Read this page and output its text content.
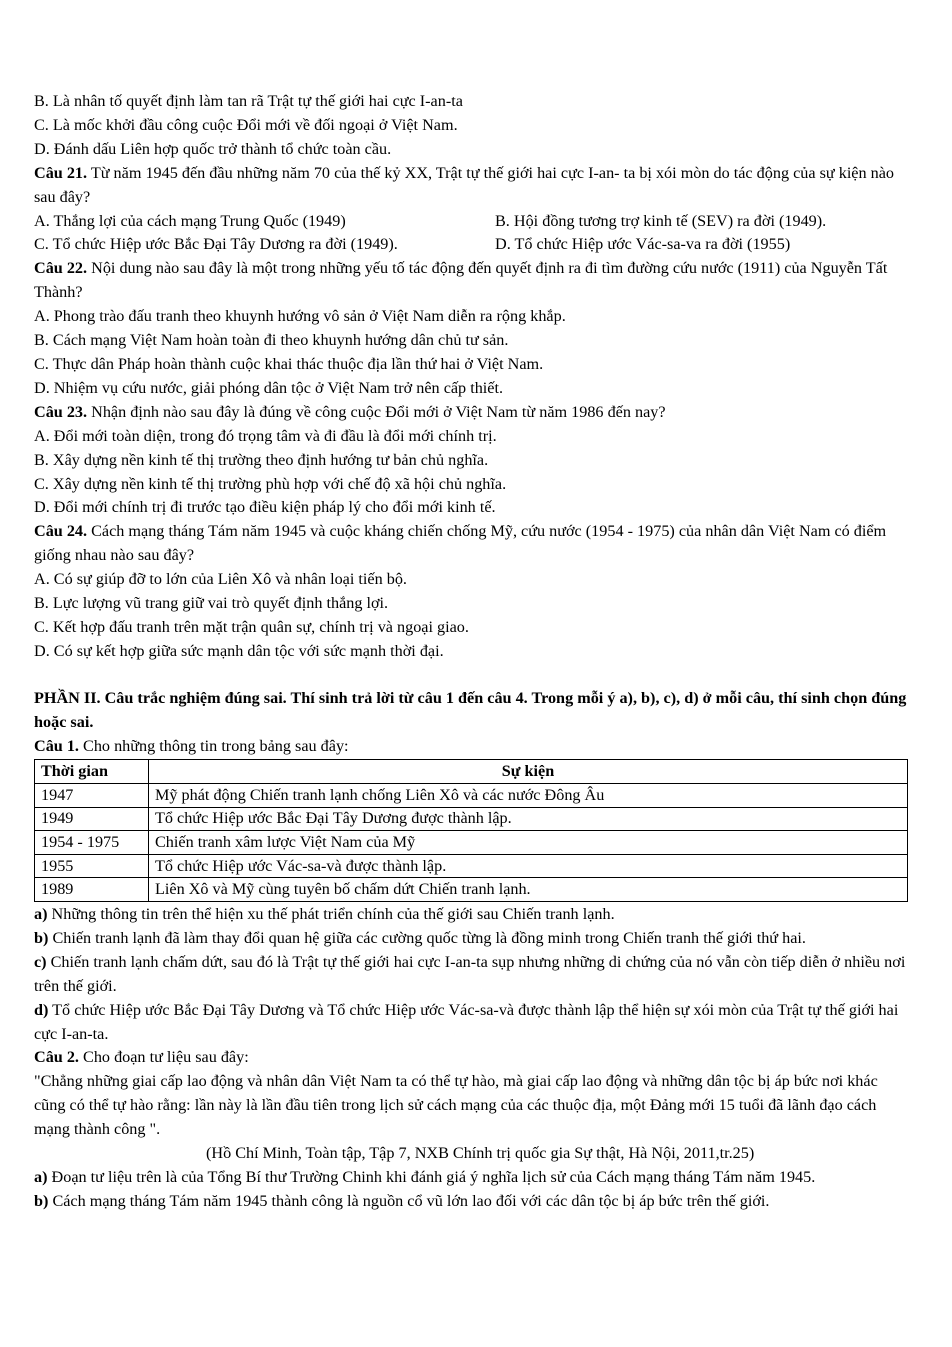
B. Là nhân tố quyết định làm tan rã Trật tự thế giới hai cực I-an-ta

C. Là mốc khởi đầu công cuộc Đổi mới về đối ngoại ở Việt Nam.

D. Đánh dấu Liên hợp quốc trở thành tổ chức toàn cầu.

Câu 21. Từ năm 1945 đến đầu những năm 70 của thế kỷ XX, Trật tự thế giới hai cực I-an- ta bị xói mòn do tác động của sự kiện nào sau đây?

A. Thắng lợi của cách mạng Trung Quốc (1949)	B. Hội đồng tương trợ kinh tế (SEV) ra đời (1949).

C. Tổ chức Hiệp ước Bắc Đại Tây Dương ra đời (1949).	D. Tổ chức Hiệp ước Vác-sa-va ra đời (1955)

Câu 22. Nội dung nào sau đây là một trong những yếu tố tác động đến quyết định ra đi tìm đường cứu nước (1911) của Nguyễn Tất Thành?

A. Phong trào đấu tranh theo khuynh hướng vô sản ở Việt Nam diễn ra rộng khắp.

B. Cách mạng Việt Nam hoàn toàn đi theo khuynh hướng dân chủ tư sản.

C. Thực dân Pháp hoàn thành cuộc khai thác thuộc địa lần thứ hai ở Việt Nam.

D. Nhiệm vụ cứu nước, giải phóng dân tộc ở Việt Nam trở nên cấp thiết.

Câu 23. Nhận định nào sau đây là đúng về công cuộc Đổi mới ở Việt Nam từ năm 1986 đến nay?

A. Đổi mới toàn diện, trong đó trọng tâm và đi đầu là đổi mới chính trị.

B. Xây dựng nền kinh tế thị trường theo định hướng tư bản chủ nghĩa.

C. Xây dựng nền kinh tế thị trường phù hợp với chế độ xã hội chủ nghĩa.

D. Đổi mới chính trị đi trước tạo điều kiện pháp lý cho đổi mới kinh tế.

Câu 24. Cách mạng tháng Tám năm 1945 và cuộc kháng chiến chống Mỹ, cứu nước (1954 - 1975) của nhân dân Việt Nam có điểm giống nhau nào sau đây?

A. Có sự giúp đỡ to lớn của Liên Xô và nhân loại tiến bộ.

B. Lực lượng vũ trang giữ vai trò quyết định thắng lợi.

C. Kết hợp đấu tranh trên mặt trận quân sự, chính trị và ngoại giao.

D. Có sự kết hợp giữa sức mạnh dân tộc với sức mạnh thời đại.

PHẦN II. Câu trắc nghiệm đúng sai. Thí sinh trả lời từ câu 1 đến câu 4. Trong mỗi ý a), b), c), d) ở mỗi câu, thí sinh chọn đúng hoặc sai.

Câu 1. Cho những thông tin trong bảng sau đây:

Thời gian	Sự kiện
1947	Mỹ phát động Chiến tranh lạnh chống Liên Xô và các nước Đông Âu
1949	Tổ chức Hiệp ước Bắc Đại Tây Dương được thành lập.
1954 - 1975	Chiến tranh xâm lược Việt Nam của Mỹ
1955	Tổ chức Hiệp ước Vác-sa-và được thành lập.
1989	Liên Xô và Mỹ cùng tuyên bố chấm dứt Chiến tranh lạnh.

a) Những thông tin trên thể hiện xu thế phát triển chính của thế giới sau Chiến tranh lạnh.

b) Chiến tranh lạnh đã làm thay đổi quan hệ giữa các cường quốc từng là đồng minh trong Chiến tranh thế giới thứ hai.

c) Chiến tranh lạnh chấm dứt, sau đó là Trật tự thế giới hai cực I-an-ta sụp nhưng những di chứng của nó vẫn còn tiếp diễn ở nhiều nơi trên thế giới.

d) Tổ chức Hiệp ước Bắc Đại Tây Dương và Tổ chức Hiệp ước Vác-sa-và được thành lập thể hiện sự xói mòn của Trật tự thế giới hai cực I-an-ta.

Câu 2. Cho đoạn tư liệu sau đây:

"Chẳng những giai cấp lao động và nhân dân Việt Nam ta có thể tự hào, mà giai cấp lao động và những dân tộc bị áp bức nơi khác cũng có thể tự hào rằng: lần này là lần đầu tiên trong lịch sử cách mạng của các thuộc địa, một Đảng mới 15 tuổi đã lãnh đạo cách mạng thành công ".

(Hồ Chí Minh, Toàn tập, Tập 7, NXB Chính trị quốc gia Sự thật, Hà Nội, 2011,tr.25)

a) Đoạn tư liệu trên là của Tổng Bí thư Trường Chinh khi đánh giá ý nghĩa lịch sử của Cách mạng tháng Tám năm 1945.

b) Cách mạng tháng Tám năm 1945 thành công là nguồn cổ vũ lớn lao đối với các dân tộc bị áp bức trên thế giới.
